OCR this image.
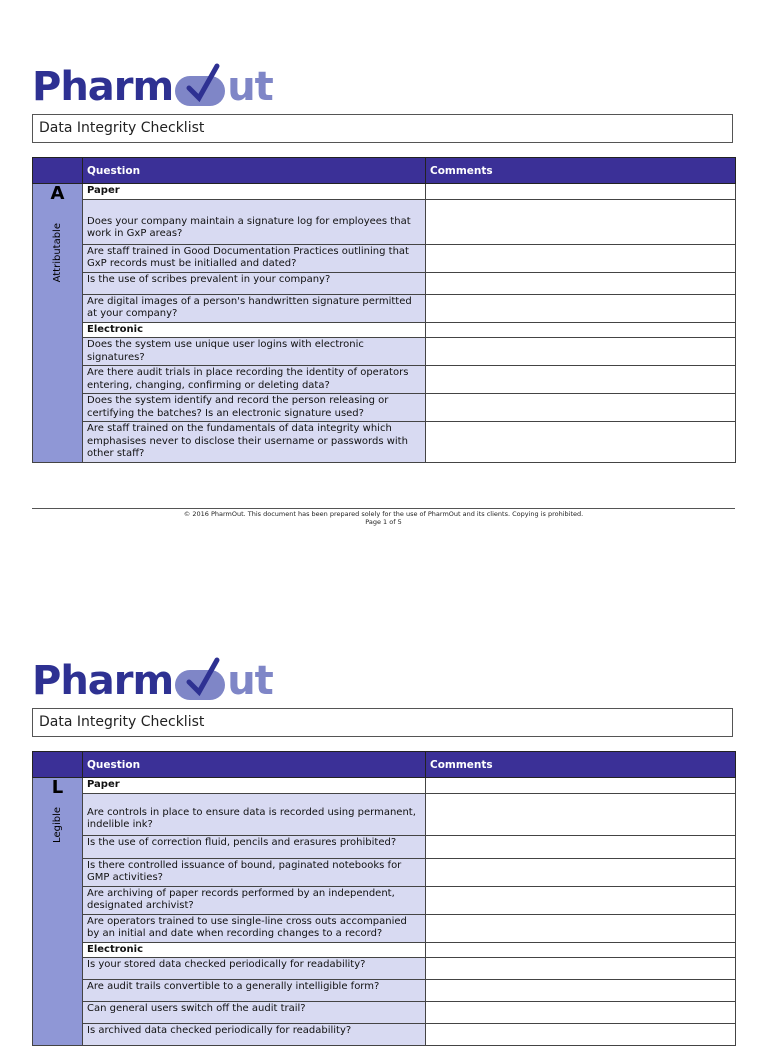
Pharm ut
Data Integrity Checklist
	Question	Comments

A
Attributable	Paper	
	Does your company maintain a signature log for employees that work in GxP areas?	
	Are staff trained in Good Documentation Practices outlining that GxP records must be initialled and dated?	
	Is the use of scribes prevalent in your company?	
	Are digital images of a person's handwritten signature permitted at your company?	
	Electronic	
	Does the system use unique user logins with electronic signatures?	
	Are there audit trials in place recording the identity of operators entering, changing, confirming or deleting data?	
	Does the system identify and record the person releasing or certifying the batches? Is an electronic signature used?	
	Are staff trained on the fundamentals of data integrity which emphasises never to disclose their username or passwords with other staff?	
© 2016 PharmOut. This document has been prepared solely for the use of PharmOut and its clients. Copying is prohibited.
Page 1 of 5
Pharm ut
Data Integrity Checklist
	Question	Comments

L
Legible	Paper	
	Are controls in place to ensure data is recorded using permanent, indelible ink?	
	Is the use of correction fluid, pencils and erasures prohibited?	
	Is there controlled issuance of bound, paginated notebooks for GMP activities?	
	Are archiving of paper records performed by an independent, designated archivist?	
	Are operators trained to use single-line cross outs accompanied by an initial and date when recording changes to a record?	
	Electronic	
	Is your stored data checked periodically for readability?	
	Are audit trails convertible to a generally intelligible form?	
	Can general users switch off the audit trail?	
	Is archived data checked periodically for readability?	
